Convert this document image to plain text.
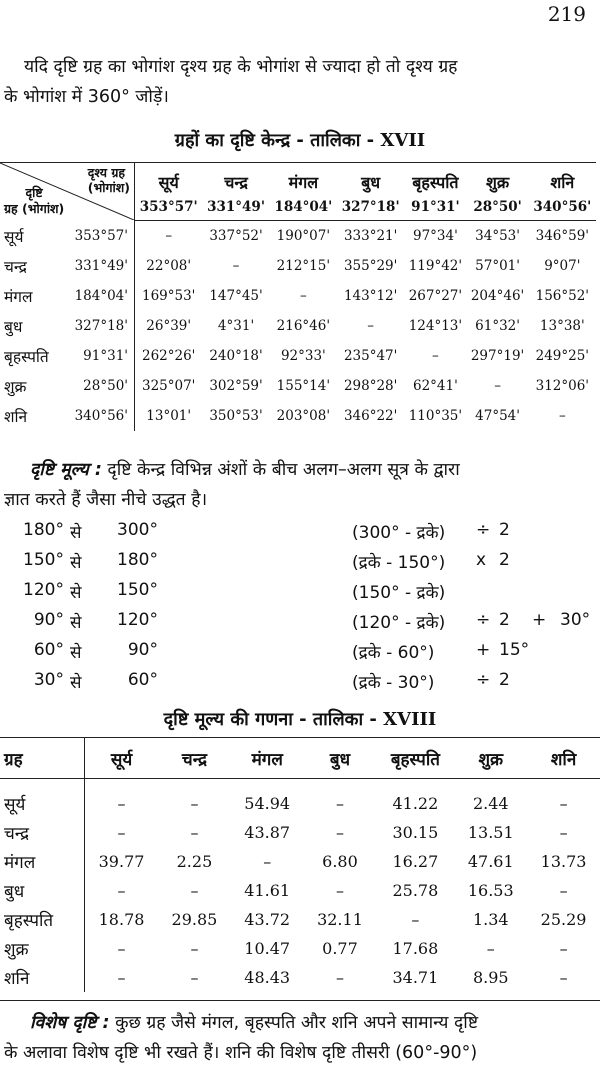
219
यदि दृष्टि ग्रह का भोगांश दृश्य ग्रह के भोगांश से ज्यादा हो तो दृश्य ग्रह
के भोगांश में 360° जोड़ें।
ग्रहों का दृष्टि केन्द्र - तालिका - XVII
दृश्य ग्रह
(भोगांश)
दृष्टि
ग्रह (भोगांश)		सूर्य	चन्द्र	मंगल	बुध	बृहस्पति	शुक्र	शनि
		353°57'	331°49'	184°04'	327°18'	91°31'	28°50'	340°56'
सूर्य	353°57'	–	337°52'	190°07'	333°21'	97°34'	34°53'	346°59'
चन्द्र	331°49'	22°08'	–	212°15'	355°29'	119°42'	57°01'	9°07'
मंगल	184°04'	169°53'	147°45'	–	143°12'	267°27'	204°46'	156°52'
बुध	327°18'	26°39'	4°31'	216°46'	–	124°13'	61°32'	13°38'
बृहस्पति	91°31'	262°26'	240°18'	92°33'	235°47'	–	297°19'	249°25'
शुक्र	28°50'	325°07'	302°59'	155°14'	298°28'	62°41'	–	312°06'
शनि	340°56'	13°01'	350°53'	203°08'	346°22'	110°35'	47°54'	–
दृष्टि मूल्य : दृष्टि केन्द्र विभिन्न अंशों के बीच अलग–अलग सूत्र के द्वारा
ज्ञात करते हैं जैसा नीचे उद्धत है।
180° से	300°	(300° - द्रके) ÷ 2
150° से	180°	(द्रके - 150°) x 2
120° से	150°	(150° - द्रके)
90° से	120°	(120° - द्रके) ÷ 2 + 30°
60° से	90°	(द्रके - 60°) + 15°
30° से	60°	(द्रके - 30°) ÷ 2
दृष्टि मूल्य की गणना - तालिका - XVIII
ग्रह	सूर्य	चन्द्र	मंगल	बुध	बृहस्पति	शुक्र	शनि
सूर्य	–	–	54.94	–	41.22	2.44	–
चन्द्र	–	–	43.87	–	30.15	13.51	–
मंगल	39.77	2.25	–	6.80	16.27	47.61	13.73
बुध	–	–	41.61	–	25.78	16.53	–
बृहस्पति	18.78	29.85	43.72	32.11	–	1.34	25.29
शुक्र	–	–	10.47	0.77	17.68	–	–
शनि	–	–	48.43	–	34.71	8.95	–
विशेष दृष्टि : कुछ ग्रह जैसे मंगल, बृहस्पति और शनि अपने सामान्य दृष्टि
के अलावा विशेष दृष्टि भी रखते हैं। शनि की विशेष दृष्टि तीसरी (60°-90°)
